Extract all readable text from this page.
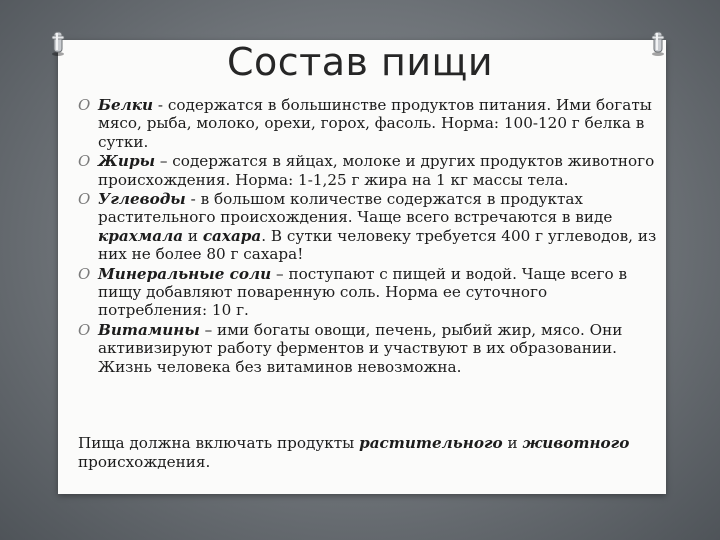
Состав пищи
O Белки - содержатся в большинстве продуктов питания. Ими богаты мясо, рыба, молоко, орехи, горох, фасоль. Норма: 100-120 г белка в сутки.
O Жиры – содержатся в яйцах, молоке и других продуктов животного происхождения. Норма: 1-1,25 г жира на 1 кг массы тела.
O Углеводы - в большом количестве содержатся в продуктах растительного происхождения. Чаще всего встречаются в виде крахмала и сахара. В сутки человеку требуется 400 г углеводов, из них не более 80 г сахара!
O Минеральные соли – поступают с пищей и водой. Чаще всего в пищу добавляют поваренную соль. Норма ее суточного потребления: 10 г.
O Витамины – ими богаты овощи, печень, рыбий жир, мясо. Они активизируют работу ферментов и участвуют в их образовании. Жизнь человека без витаминов невозможна.
Пища должна включать продукты растительного и животного происхождения.
